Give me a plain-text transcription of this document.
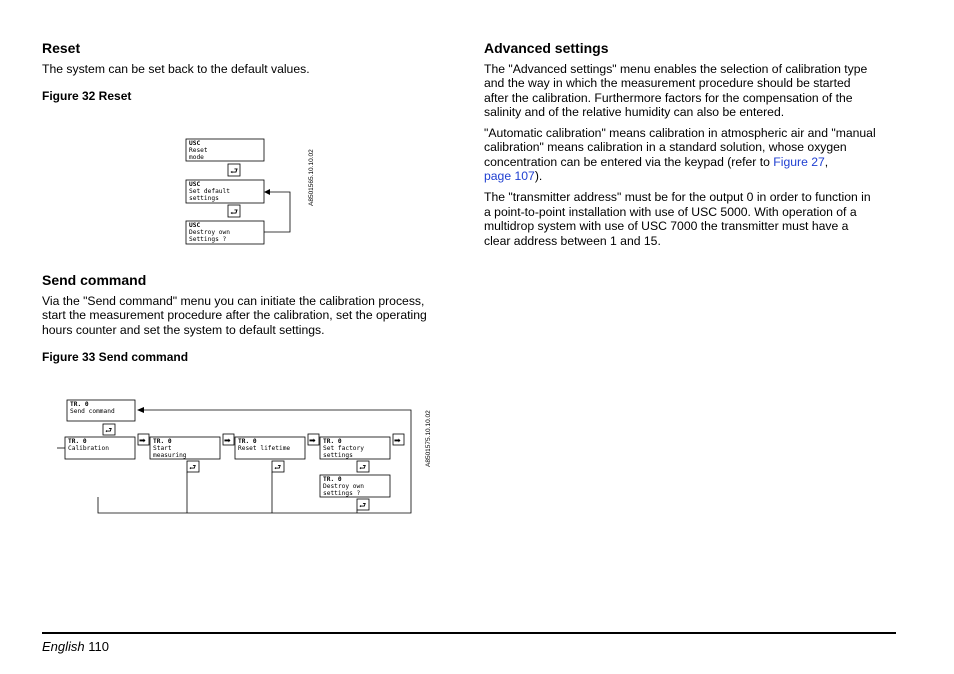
Reset

The system can be set back to the default values.

Figure 32 Reset

⮐
⮐
USC
Reset
mode
USC
Set default
settings
USC
Destroy own
Settings ?
A8501565.10.10.02
Send command

Via the "Send command" menu you can initiate the calibration process,

start the measurement procedure after the calibration, set the operating

hours counter and set the system to default settings.

Figure 33 Send command

⮐
⮐	⮐	⮐
⮐
➡	➡	➡	➡
TR. 0
Send command
TR. 0
Calibration
TR. 0
Start
measuring
TR. 0
Reset lifetime
TR. 0
Set factory
settings
TR. 0
Destroy own
settings ?
A8501575.10.10.02
Advanced settings

The "Advanced settings" menu enables the selection of calibration type

and the way in which the measurement procedure should be started

after the calibration. Furthermore factors for the compensation of the

salinity and of the relative humidity can also be entered.

"Automatic calibration" means calibration in atmospheric air and "manual

calibration" means calibration in a standard solution, whose oxygen

concentration can be entered via the keypad (refer to Figure 27,

page 107).

The "transmitter address" must be for the output 0 in order to function in

a point-to-point installation with use of USC 5000. With operation of a

multidrop system with use of USC 7000 the transmitter must have a

clear address between 1 and 15.

English 110
